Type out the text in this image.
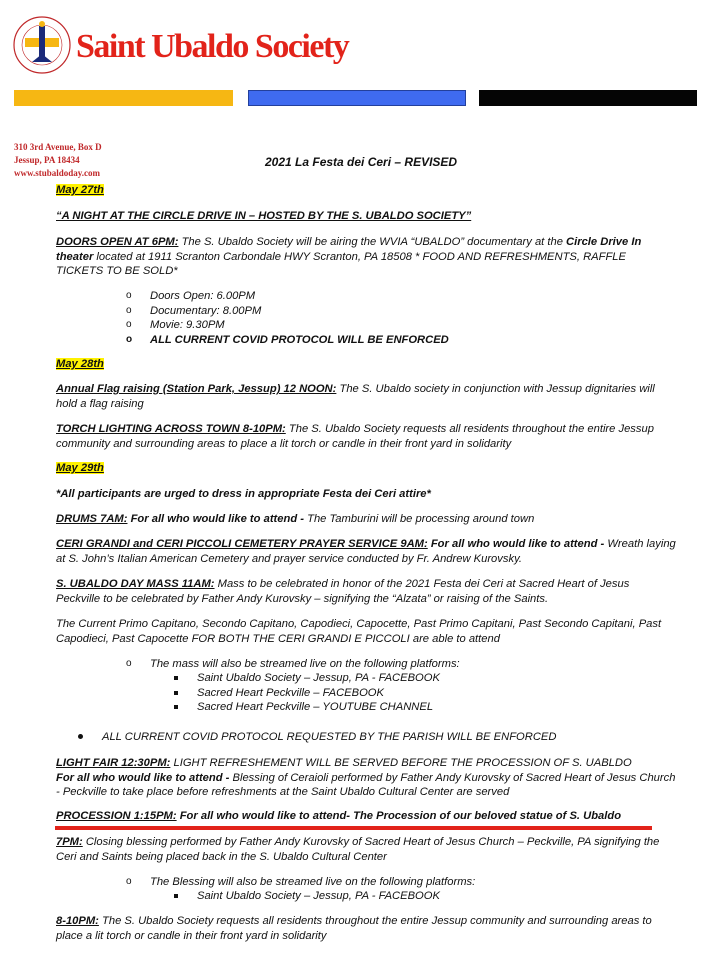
Saint Ubaldo Society
310 3rd Avenue, Box D
Jessup, PA 18434
www.stubaldoday.com
2021 La Festa dei Ceri – REVISED
May 27th
“A NIGHT AT THE CIRCLE DRIVE IN – HOSTED BY THE S. UBALDO SOCIETY”
DOORS OPEN AT 6PM: The S. Ubaldo Society will be airing the WVIA “UBALDO” documentary at the Circle Drive In theater located at 1911 Scranton Carbondale HWY Scranton, PA 18508 * FOOD AND REFRESHMENTS, RAFFLE TICKETS TO BE SOLD*
o Doors Open: 6.00PM
o Documentary: 8.00PM
o Movie: 9.30PM
o ALL CURRENT COVID PROTOCOL WILL BE ENFORCED
May 28th
Annual Flag raising (Station Park, Jessup) 12 NOON: The S. Ubaldo society in conjunction with Jessup dignitaries will hold a flag raising
TORCH LIGHTING ACROSS TOWN 8-10PM: The S. Ubaldo Society requests all residents throughout the entire Jessup community and surrounding areas to place a lit torch or candle in their front yard in solidarity
May 29th
*All participants are urged to dress in appropriate Festa dei Ceri attire*
DRUMS 7AM: For all who would like to attend - The Tamburini will be processing around town
CERI GRANDI and CERI PICCOLI CEMETERY PRAYER SERVICE 9AM: For all who would like to attend - Wreath laying at S. John’s Italian American Cemetery and prayer service conducted by Fr. Andrew Kurovsky.
S. UBALDO DAY MASS 11AM: Mass to be celebrated in honor of the 2021 Festa dei Ceri at Sacred Heart of Jesus Peckville to be celebrated by Father Andy Kurovsky – signifying the “Alzata” or raising of the Saints.
The Current Primo Capitano, Secondo Capitano, Capodieci, Capocette, Past Primo Capitani, Past Secondo Capitani, Past Capodieci, Past Capocette FOR BOTH THE CERI GRANDI E PICCOLI are able to attend
o The mass will also be streamed live on the following platforms:
Saint Ubaldo Society – Jessup, PA - FACEBOOK
Sacred Heart Peckville – FACEBOOK
Sacred Heart Peckville – YOUTUBE CHANNEL
ALL CURRENT COVID PROTOCOL REQUESTED BY THE PARISH WILL BE ENFORCED
LIGHT FAIR 12:30PM: LIGHT REFRESHEMENT WILL BE SERVED BEFORE THE PROCESSION OF S. UABLDO
For all who would like to attend - Blessing of Ceraioli performed by Father Andy Kurovsky of Sacred Heart of Jesus Church - Peckville to take place before refreshments at the Saint Ubaldo Cultural Center are served
PROCESSION 1:15PM: For all who would like to attend- The Procession of our beloved statue of S. Ubaldo
7PM: Closing blessing performed by Father Andy Kurovsky of Sacred Heart of Jesus Church – Peckville, PA signifying the Ceri and Saints being placed back in the S. Ubaldo Cultural Center
o The Blessing will also be streamed live on the following platforms:
Saint Ubaldo Society – Jessup, PA - FACEBOOK
8-10PM: The S. Ubaldo Society requests all residents throughout the entire Jessup community and surrounding areas to place a lit torch or candle in their front yard in solidarity
